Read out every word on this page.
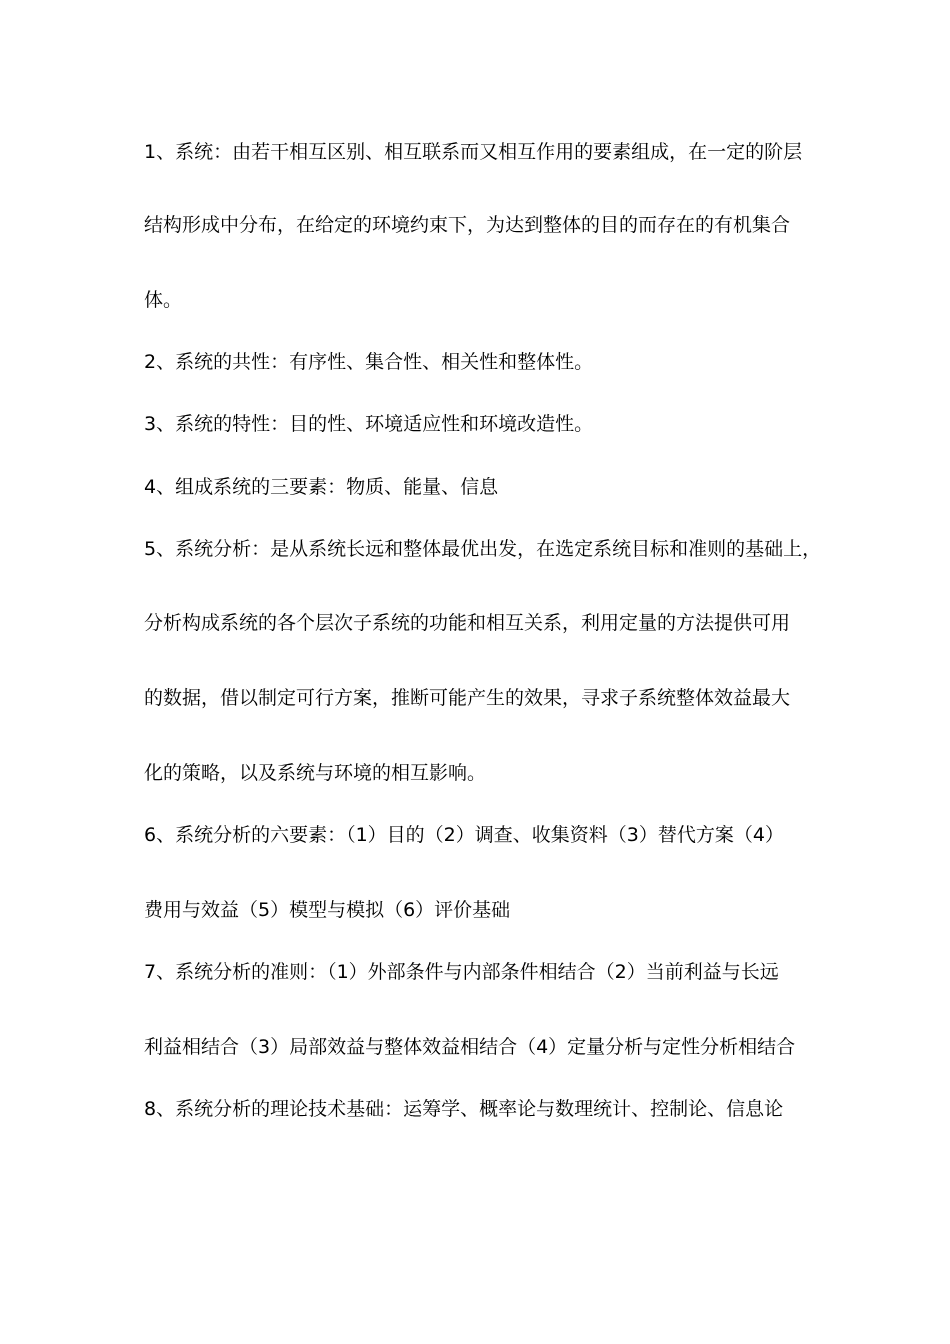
1、系统：由若干相互区别、相互联系而又相互作用的要素组成，在一定的阶层
结构形成中分布，在给定的环境约束下，为达到整体的目的而存在的有机集合
体。
2、系统的共性：有序性、集合性、相关性和整体性。
3、系统的特性：目的性、环境适应性和环境改造性。
4、组成系统的三要素：物质、能量、信息
5、系统分析：是从系统长远和整体最优出发，在选定系统目标和准则的基础上，
分析构成系统的各个层次子系统的功能和相互关系，利用定量的方法提供可用
的数据，借以制定可行方案，推断可能产生的效果，寻求子系统整体效益最大
化的策略，以及系统与环境的相互影响。
6、系统分析的六要素：（1）目的（2）调查、收集资料（3）替代方案（4）
费用与效益（5）模型与模拟（6）评价基础
7、系统分析的准则：（1）外部条件与内部条件相结合（2）当前利益与长远
利益相结合（3）局部效益与整体效益相结合（4）定量分析与定性分析相结合
8、系统分析的理论技术基础：运筹学、概率论与数理统计、控制论、信息论
